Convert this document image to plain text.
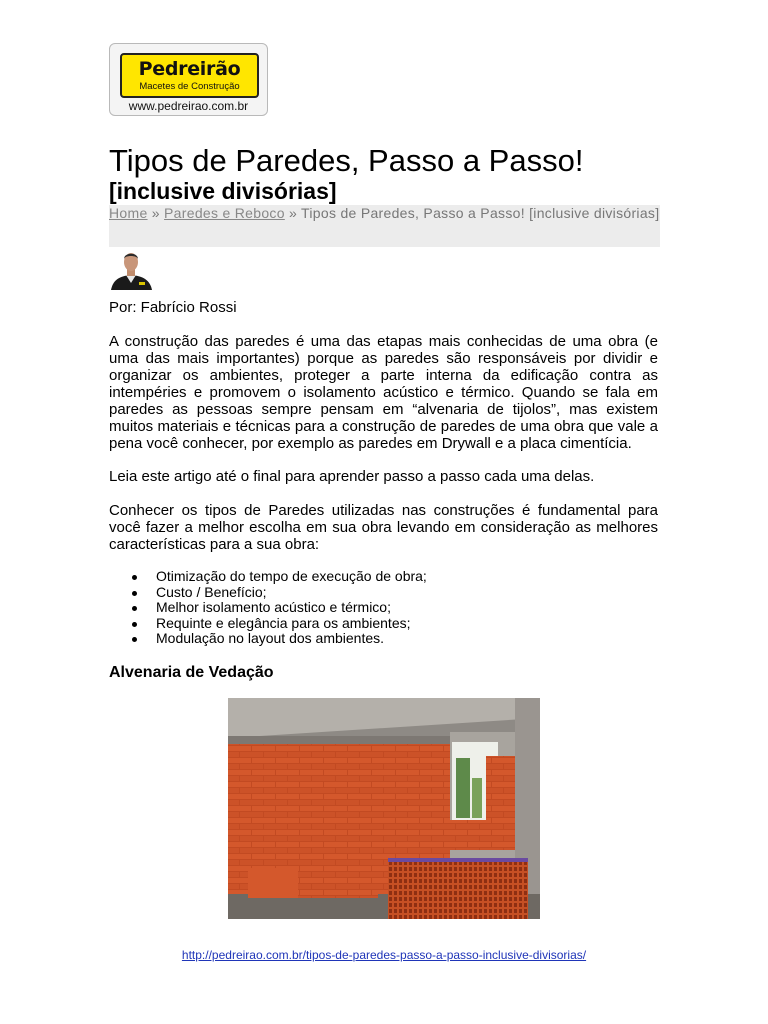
Pedreirão
Macetes de Construção
www.pedreirao.com.br
Tipos de Paredes, Passo a Passo!
[inclusive divisórias]
Home » Paredes e Reboco » Tipos de Paredes, Passo a Passo! [inclusive divisórias]

Por: Fabrício Rossi

A construção das paredes é uma das etapas mais conhecidas de uma obra (e uma das mais importantes) porque as paredes são responsáveis por dividir e organizar os ambientes, proteger a parte interna da edificação contra as intempéries e promovem o isolamento acústico e térmico. Quando se fala em paredes as pessoas sempre pensam em “alvenaria de tijolos”, mas existem muitos materiais e técnicas para a construção de paredes de uma obra que vale a pena você conhecer, por exemplo as paredes em Drywall e a placa cimentícia.

Leia este artigo até o final para aprender passo a passo cada uma delas.

Conhecer os tipos de Paredes utilizadas nas construções é fundamental para você fazer a melhor escolha em sua obra levando em consideração as melhores características para a sua obra:

Otimização do tempo de execução de obra;
Custo / Benefício;
Melhor isolamento acústico e térmico;
Requinte e elegância para os ambientes;
Modulação no layout dos ambientes.
Alvenaria de Vedação
http://pedreirao.com.br/tipos-de-paredes-passo-a-passo-inclusive-divisorias/
